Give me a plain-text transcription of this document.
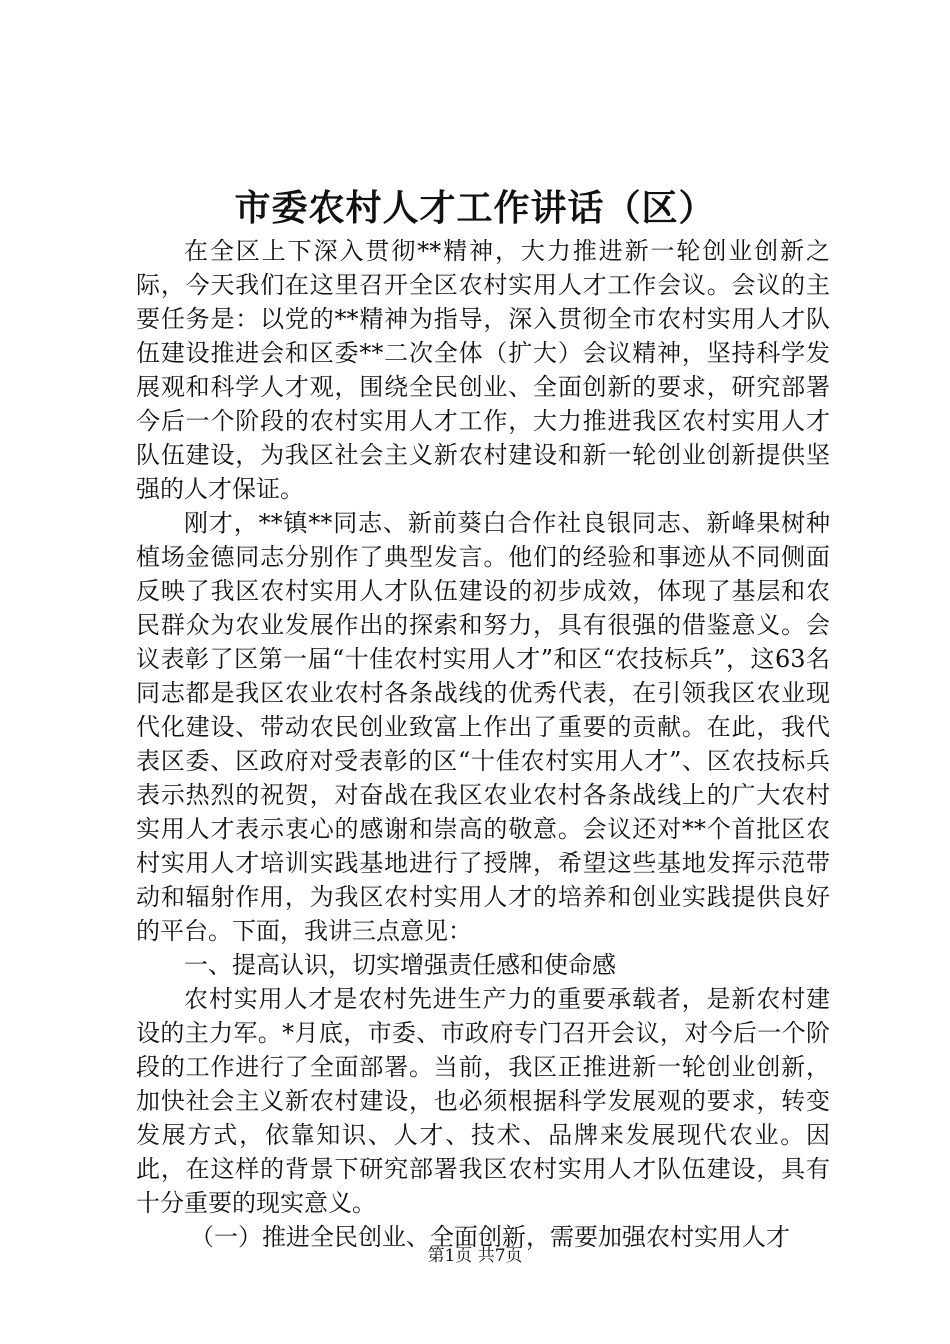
市委农村人才工作讲话（区）

在全区上下深入贯彻**精神，大力推进新一轮创业创新之际，今天我们在这里召开全区农村实用人才工作会议。会议的主要任务是：以党的**精神为指导，深入贯彻全市农村实用人才队伍建设推进会和区委**二次全体（扩大）会议精神，坚持科学发展观和科学人才观，围绕全民创业、全面创新的要求，研究部署今后一个阶段的农村实用人才工作，大力推进我区农村实用人才队伍建设，为我区社会主义新农村建设和新一轮创业创新提供坚强的人才保证。

刚才，**镇**同志、新前葵白合作社良银同志、新峰果树种植场金德同志分别作了典型发言。他们的经验和事迹从不同侧面反映了我区农村实用人才队伍建设的初步成效，体现了基层和农民群众为农业发展作出的探索和努力，具有很强的借鉴意义。会议表彰了区第一届“十佳农村实用人才”和区“农技标兵”，这63名同志都是我区农业农村各条战线的优秀代表，在引领我区农业现代化建设、带动农民创业致富上作出了重要的贡献。在此，我代表区委、区政府对受表彰的区“十佳农村实用人才”、区农技标兵表示热烈的祝贺，对奋战在我区农业农村各条战线上的广大农村实用人才表示衷心的感谢和崇高的敬意。会议还对**个首批区农村实用人才培训实践基地进行了授牌，希望这些基地发挥示范带动和辐射作用，为我区农村实用人才的培养和创业实践提供良好的平台。下面，我讲三点意见：

一、提高认识，切实增强责任感和使命感

农村实用人才是农村先进生产力的重要承载者，是新农村建设的主力军。*月底，市委、市政府专门召开会议，对今后一个阶段的工作进行了全面部署。当前，我区正推进新一轮创业创新，加快社会主义新农村建设，也必须根据科学发展观的要求，转变发展方式，依靠知识、人才、技术、品牌来发展现代农业。因此，在这样的背景下研究部署我区农村实用人才队伍建设，具有十分重要的现实意义。

（一）推进全民创业、全面创新，需要加强农村实用人才

第1页 共7页
